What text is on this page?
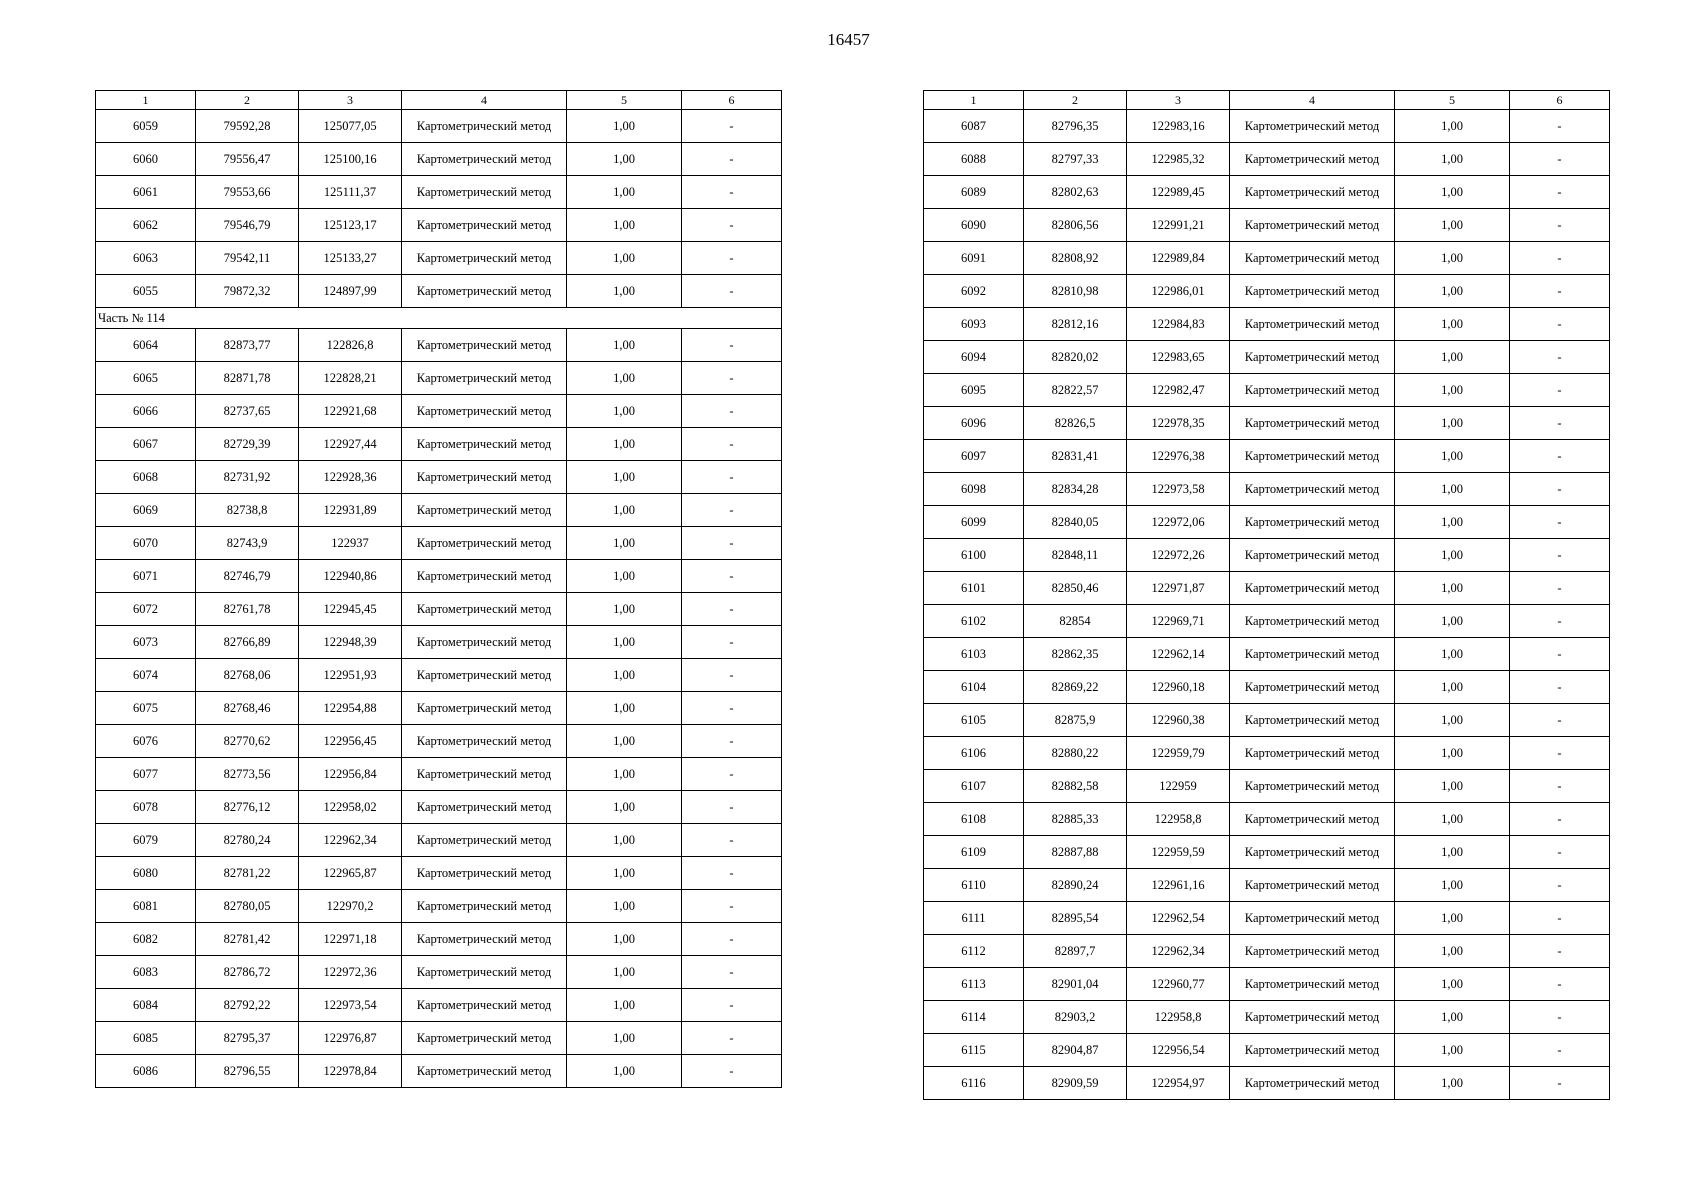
16457
1	2	3	4	5	6
6059	79592,28	125077,05	Картометрический метод	1,00	-
6060	79556,47	125100,16	Картометрический метод	1,00	-
6061	79553,66	125111,37	Картометрический метод	1,00	-
6062	79546,79	125123,17	Картометрический метод	1,00	-
6063	79542,11	125133,27	Картометрический метод	1,00	-
6055	79872,32	124897,99	Картометрический метод	1,00	-
Часть № 114					
6064	82873,77	122826,8	Картометрический метод	1,00	-
6065	82871,78	122828,21	Картометрический метод	1,00	-
6066	82737,65	122921,68	Картометрический метод	1,00	-
6067	82729,39	122927,44	Картометрический метод	1,00	-
6068	82731,92	122928,36	Картометрический метод	1,00	-
6069	82738,8	122931,89	Картометрический метод	1,00	-
6070	82743,9	122937	Картометрический метод	1,00	-
6071	82746,79	122940,86	Картометрический метод	1,00	-
6072	82761,78	122945,45	Картометрический метод	1,00	-
6073	82766,89	122948,39	Картометрический метод	1,00	-
6074	82768,06	122951,93	Картометрический метод	1,00	-
6075	82768,46	122954,88	Картометрический метод	1,00	-
6076	82770,62	122956,45	Картометрический метод	1,00	-
6077	82773,56	122956,84	Картометрический метод	1,00	-
6078	82776,12	122958,02	Картометрический метод	1,00	-
6079	82780,24	122962,34	Картометрический метод	1,00	-
6080	82781,22	122965,87	Картометрический метод	1,00	-
6081	82780,05	122970,2	Картометрический метод	1,00	-
6082	82781,42	122971,18	Картометрический метод	1,00	-
6083	82786,72	122972,36	Картометрический метод	1,00	-
6084	82792,22	122973,54	Картометрический метод	1,00	-
6085	82795,37	122976,87	Картометрический метод	1,00	-
6086	82796,55	122978,84	Картометрический метод	1,00	-
1	2	3	4	5	6
6087	82796,35	122983,16	Картометрический метод	1,00	-
6088	82797,33	122985,32	Картометрический метод	1,00	-
6089	82802,63	122989,45	Картометрический метод	1,00	-
6090	82806,56	122991,21	Картометрический метод	1,00	-
6091	82808,92	122989,84	Картометрический метод	1,00	-
6092	82810,98	122986,01	Картометрический метод	1,00	-
6093	82812,16	122984,83	Картометрический метод	1,00	-
6094	82820,02	122983,65	Картометрический метод	1,00	-
6095	82822,57	122982,47	Картометрический метод	1,00	-
6096	82826,5	122978,35	Картометрический метод	1,00	-
6097	82831,41	122976,38	Картометрический метод	1,00	-
6098	82834,28	122973,58	Картометрический метод	1,00	-
6099	82840,05	122972,06	Картометрический метод	1,00	-
6100	82848,11	122972,26	Картометрический метод	1,00	-
6101	82850,46	122971,87	Картометрический метод	1,00	-
6102	82854	122969,71	Картометрический метод	1,00	-
6103	82862,35	122962,14	Картометрический метод	1,00	-
6104	82869,22	122960,18	Картометрический метод	1,00	-
6105	82875,9	122960,38	Картометрический метод	1,00	-
6106	82880,22	122959,79	Картометрический метод	1,00	-
6107	82882,58	122959	Картометрический метод	1,00	-
6108	82885,33	122958,8	Картометрический метод	1,00	-
6109	82887,88	122959,59	Картометрический метод	1,00	-
6110	82890,24	122961,16	Картометрический метод	1,00	-
6111	82895,54	122962,54	Картометрический метод	1,00	-
6112	82897,7	122962,34	Картометрический метод	1,00	-
6113	82901,04	122960,77	Картометрический метод	1,00	-
6114	82903,2	122958,8	Картометрический метод	1,00	-
6115	82904,87	122956,54	Картометрический метод	1,00	-
6116	82909,59	122954,97	Картометрический метод	1,00	-
